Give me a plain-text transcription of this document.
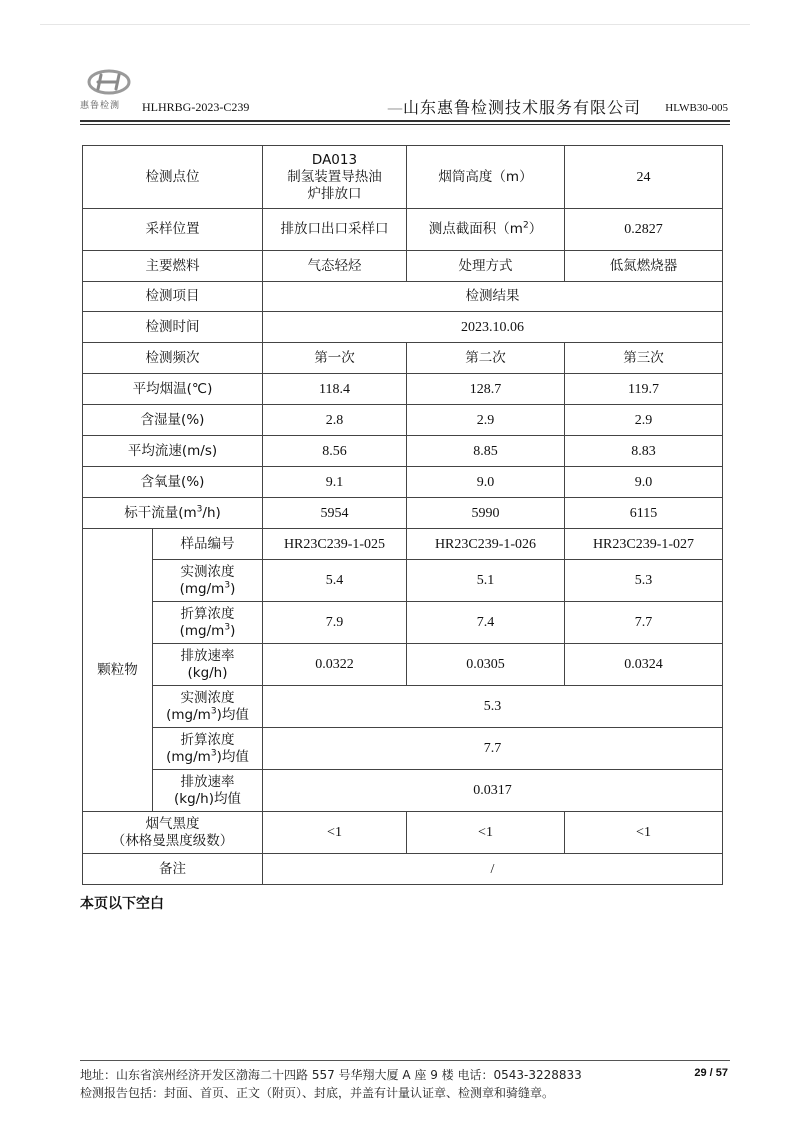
惠鲁检测 HLHRBG-2023-C239	—山东惠鲁检测技术服务有限公司 HLWB30-005
检测点位		DA013
制氢装置导热油
炉排放口	烟筒高度（m）	24
采样位置		排放口出口采样口	测点截面积$(m^2)$	0.2827
主要燃料		气态轻烃	处理方式	低氮燃烧器
检测项目		检测结果		
检测时间		2023.10.06		
检测频次		第一次	第二次	第三次
平均烟温(℃)		118.4	128.7	119.7
含湿量(%)		2.8	2.9	2.9
平均流速(m/s)		8.56	8.85	8.83
含氧量(%)		9.1	9.0	9.0
标干流量$(m^3/h)$		5954	5990	6115
颗粒物	样品编号	HR23C239-1-025	HR23C239-1-026	HR23C239-1-027

	实测浓度
$(mg/m^3)$	5.4	5.1	5.3

	折算浓度
$(mg/m^3)$	7.9	7.4	7.7

	排放速率
(kg/h)	0.0322	0.0305	0.0324

	实测浓度
$(mg/m^3)$均值	5.3		

	折算浓度
$(mg/m^3)$均值	7.7		

	排放速率
(kg/h)均值	0.0317		

烟气黑度
（林格曼黑度级数）		<1	<1	<1
备注		/		
本页以下空白
地址：山东省滨州经济开发区渤海二十四路 557 号华翔大厦 A 座 9 楼 电话：0543-3228833	29 / 57
检测报告包括：封面、首页、正文（附页）、封底，并盖有计量认证章、检测章和骑缝章。
